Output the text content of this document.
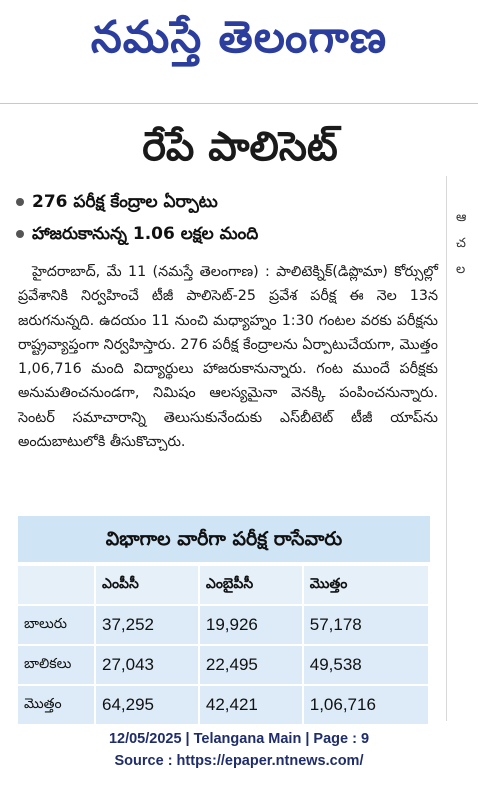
నమస్తే తెలంగాణ
రేపే పాలిసెట్
276 పరీక్ష కేంద్రాల ఏర్పాటు
హాజరుకానున్న 1.06 లక్షల మంది

హైదరాబాద్, మే 11 (నమస్తే తెలంగాణ) : పాలిటెక్నిక్(డిప్లొమా) కోర్సుల్లో ప్రవేశానికి నిర్వహించే టీజీ పాలిసెట్-25 ప్రవేశ పరీక్ష ఈ నెల 13న జరుగనున్నది. ఉదయం 11 నుంచి మధ్యాహ్నం 1:30 గంటల వరకు పరీక్షను రాష్ట్రవ్యాప్తంగా నిర్వహిస్తారు. 276 పరీక్ష కేంద్రాలను ఏర్పాటుచేయగా, మొత్తం 1,06,716 మంది విద్యార్థులు హాజరుకానున్నారు. గంట ముందే పరీక్షకు అనుమతించనుండగా, నిమిషం ఆలస్యమైనా వెనక్కి పంపించనున్నారు. సెంటర్ సమాచారాన్ని తెలుసుకునేందుకు ఎస్‌బీటెట్ టీజీ యాప్‌ను అందుబాటులోకి తీసుకొచ్చారు.

ఆ
చ
ల
విభాగాల వారీగా పరీక్ష రాసేవారు
	ఎంపీసీ	ఎంబైపీసీ	మొత్తం
బాలురు	37,252	19,926	57,178
బాలికలు	27,043	22,495	49,538
మొత్తం	64,295	42,421	1,06,716
12/05/2025 | Telangana Main | Page : 9
Source : https://epaper.ntnews.com/
